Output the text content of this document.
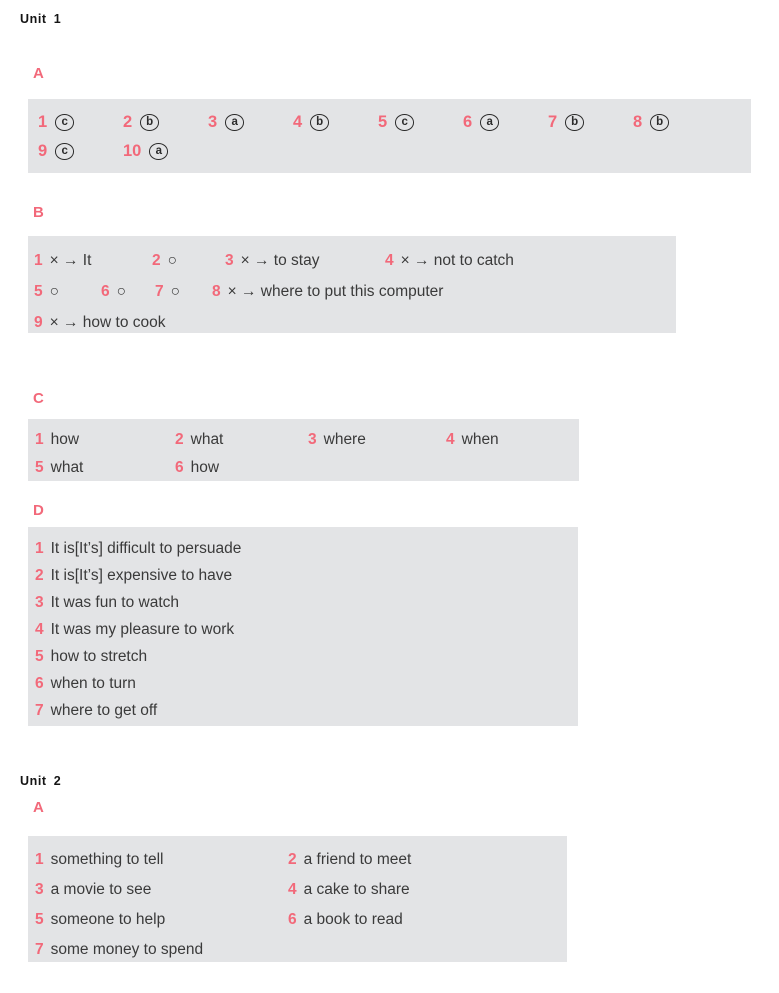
Unit 1
A
1	c	2	b	3	a	4	b	5	c	6	a	7	b	8	b
9	c	10	a
B
1 × → It	2 ○	3 × → to stay	4 × → not to catch
5 ○	6 ○	7 ○	8 × → where to put this computer
9 × → how to cook
C
1 how	2 what	3 where	4 when
5 what	6 how
D
1 It is[It’s] difficult to persuade
2 It is[It’s] expensive to have
3 It was fun to watch
4 It was my pleasure to work
5 how to stretch
6 when to turn
7 where to get off
Unit 2
A
1 something to tell	2 a friend to meet
3 a movie to see	4 a cake to share
5 someone to help	6 a book to read
7 some money to spend
